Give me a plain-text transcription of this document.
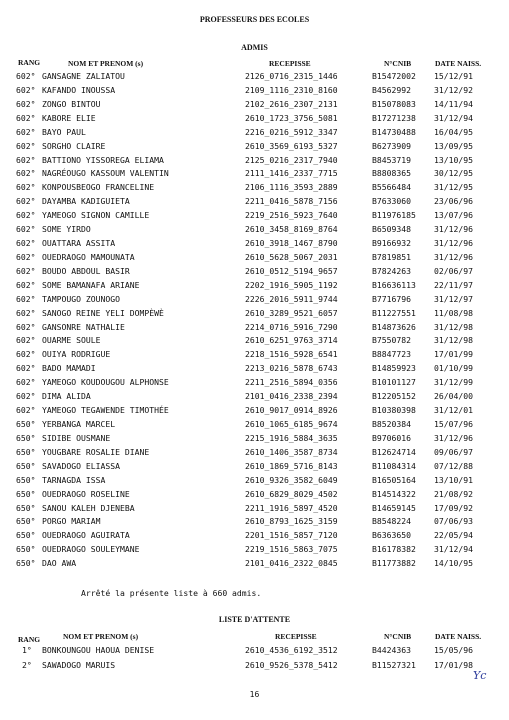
PROFESSEURS DES ECOLES
ADMIS
RANG	NOM ET PRENOM (s)	RECEPISSE	N°CNIB	DATE NAISS.
602° GANSAGNE ZALIATOU	2126_0716_2315_1446	B15472002 15/12/91
602° KAFANDO INOUSSA	2109_1116_2310_8160	B4562992	31/12/92
602° ZONGO BINTOU	2102_2616_2307_2131	B15078083 14/11/94
602° KABORE ELIE	2610_1723_3756_5081	B17271238 31/12/94
602° BAYO PAUL	2216_0216_5912_3347	B14730488 16/04/95
602° SORGHO CLAIRE	2610_3569_6193_5327	B6273909	13/09/95
602° BATTIONO YISSOREGA ELIAMA	2125_0216_2317_7940	B8453719	13/10/95
602° NAGRÉOUGO KASSOUM VALENTIN	2111_1416_2337_7715	B8808365	30/12/95
602° KONPOUSBEOGO FRANCELINE	2106_1116_3593_2889	B5566484	31/12/95
602° DAYAMBA KADIGUIETA	2211_0416_5878_7156	B7633060	23/06/96
602° YAMEOGO SIGNON CAMILLE	2219_2516_5923_7640	B11976185 13/07/96
602° SOME YIRDO	2610_3458_8169_8764	B6509348	31/12/96
602° OUATTARA ASSITA	2610_3918_1467_8790	B9166932	31/12/96
602° OUEDRAOGO MAMOUNATA	2610_5628_5067_2031	B7819851	31/12/96
602° BOUDO ABDOUL BASIR	2610_0512_5194_9657	B7824263	02/06/97
602° SOME BAMANAFA ARIANE	2202_1916_5905_1192	B16636113 22/11/97
602° TAMPOUGO ZOUNOGO	2226_2016_5911_9744	B7716796	31/12/97
602° SANOGO REINE YELI DOMPÈWÈ	2610_3289_9521_6057	B11227551 11/08/98
602° GANSONRE NATHALIE	2214_0716_5916_7290	B14873626 31/12/98
602° OUARME SOULE	2610_6251_9763_3714	B7550782	31/12/98
602° OUIYA RODRIGUE	2218_1516_5928_6541	B8847723	17/01/99
602° BADO MAMADI	2213_0216_5878_6743	B14859923 01/10/99
602° YAMEOGO KOUDOUGOU ALPHONSE	2211_2516_5894_0356	B10101127 31/12/99
602° DIMA ALIDA	2101_0416_2338_2394	B12205152 26/04/00
602° YAMEOGO TEGAWENDE TIMOTHÉE	2610_9017_0914_8926	B10380398 31/12/01
650° YERBANGA MARCEL	2610_1065_6185_9674	B8520384	15/07/96
650° SIDIBE OUSMANE	2215_1916_5884_3635	B9706016	31/12/96
650° YOUGBARE ROSALIE DIANE	2610_1406_3587_8734	B12624714 09/06/97
650° SAVADOGO ELIASSA	2610_1869_5716_8143	B11084314 07/12/88
650° TARNAGDA ISSA	2610_9326_3582_6049	B16505164 13/10/91
650° OUEDRAOGO ROSELINE	2610_6829_8029_4502	B14514322 21/08/92
650° SANOU KALEH DJENEBA	2211_1916_5897_4520	B14659145 17/09/92
650° PORGO MARIAM	2610_8793_1625_3159	B8548224	07/06/93
650° OUEDRAOGO AGUIRATA	2201_1516_5857_7120	B6363650	22/05/94
650° OUEDRAOGO SOULEYMANE	2219_1516_5863_7075	B16178382 31/12/94
650° DAO AWA	2101_0416_2322_0845	B11773882 14/10/95
Arrêté la présente liste à 660 admis.
LISTE D'ATTENTE
RANG	NOM ET PRENOM (s)	RECEPISSE	N°CNIB	DATE NAISS.
1° BONKOUNGOU HAOUA DENISE	2610_4536_6192_3512	B4424363	15/05/96
2° SAWADOGO MARUIS	2610_9526_5378_5412	B11527321 17/01/98
Yc
16
